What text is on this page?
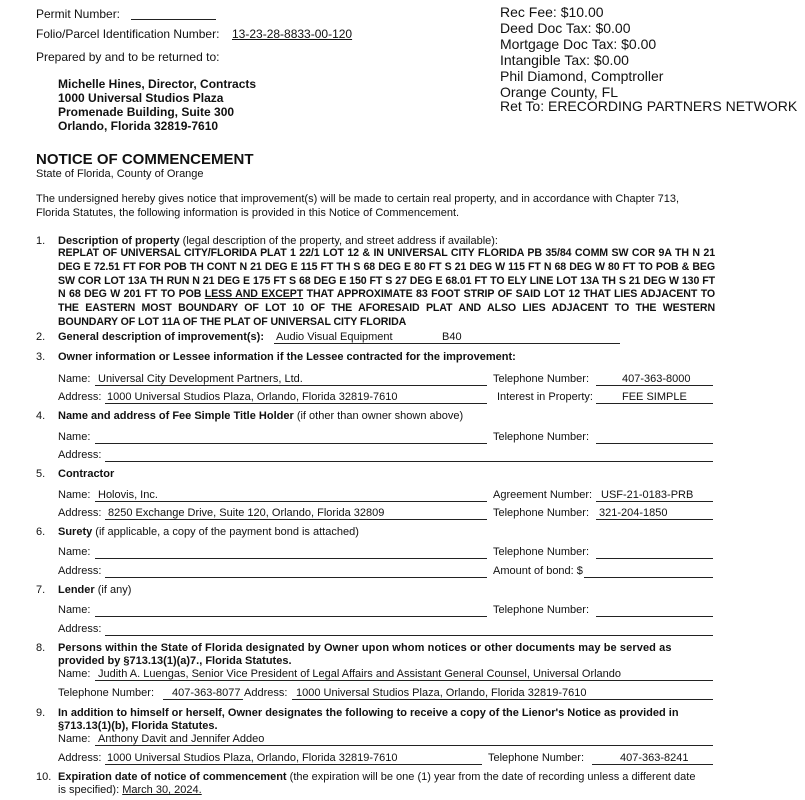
Permit Number:
Folio/Parcel Identification Number: 13-23-28-8833-00-120
Prepared by and to be returned to:
Michelle Hines, Director, Contracts
1000 Universal Studios Plaza
Promenade Building, Suite 300
Orlando, Florida 32819-7610
Rec Fee: $10.00
Deed Doc Tax: $0.00
Mortgage Doc Tax: $0.00
Intangible Tax: $0.00
Phil Diamond, Comptroller
Orange County, FL
Ret To: ERECORDING PARTNERS NETWORK
NOTICE OF COMMENCEMENT
State of Florida, County of Orange
The undersigned hereby gives notice that improvement(s) will be made to certain real property, and in accordance with Chapter 713,
Florida Statutes, the following information is provided in this Notice of Commencement.
1. Description of property (legal description of the property, and street address if available):
REPLAT OF UNIVERSAL CITY/FLORIDA PLAT 1 22/1 LOT 12 & IN UNIVERSAL CITY FLORIDA PB 35/84 COMM SW COR 9A TH N 21 DEG E 72.51 FT FOR POB TH CONT N 21 DEG E 115 FT TH S 68 DEG E 80 FT S 21 DEG W 115 FT N 68 DEG W 80 FT TO POB & BEG SW COR LOT 13A TH RUN N 21 DEG E 175 FT S 68 DEG E 150 FT S 27 DEG E 68.01 FT TO ELY LINE LOT 13A TH S 21 DEG W 130 FT N 68 DEG W 201 FT TO POB LESS AND EXCEPT THAT APPROXIMATE 83 FOOT STRIP OF SAID LOT 12 THAT LIES ADJACENT TO THE EASTERN MOST BOUNDARY OF LOT 10 OF THE AFORESAID PLAT AND ALSO LIES ADJACENT TO THE WESTERN BOUNDARY OF LOT 11A OF THE PLAT OF UNIVERSAL CITY FLORIDA
2. General description of improvement(s): Audio Visual Equipment	B40
3. Owner information or Lessee information if the Lessee contracted for the improvement:
Name: Universal City Development Partners, Ltd.	Telephone Number:	407-363-8000
Address: 1000 Universal Studios Plaza, Orlando, Florida 32819-7610	Interest in Property:	FEE SIMPLE
4. Name and address of Fee Simple Title Holder (if other than owner shown above)
Name:	Telephone Number:
Address:
5. Contractor
Name: Holovis, Inc.	Agreement Number: USF-21-0183-PRB
Address: 8250 Exchange Drive, Suite 120, Orlando, Florida 32809	Telephone Number: 321-204-1850
6. Surety (if applicable, a copy of the payment bond is attached)
Name:	Telephone Number:
Address:	Amount of bond: $
7. Lender (if any)
Name:	Telephone Number:
Address:
8. Persons within the State of Florida designated by Owner upon whom notices or other documents may be served as
provided by §713.13(1)(a)7., Florida Statutes.
Name: Judith A. Luengas, Senior Vice President of Legal Affairs and Assistant General Counsel, Universal Orlando
Telephone Number: 407-363-8077 Address: 1000 Universal Studios Plaza, Orlando, Florida 32819-7610
9. In addition to himself or herself, Owner designates the following to receive a copy of the Lienor's Notice as provided in
§713.13(1)(b), Florida Statutes.
Name: Anthony Davit and Jennifer Addeo
Address: 1000 Universal Studios Plaza, Orlando, Florida 32819-7610	Telephone Number:	407-363-8241
10. Expiration date of notice of commencement (the expiration will be one (1) year from the date of recording unless a different date
is specified): March 30, 2024.
